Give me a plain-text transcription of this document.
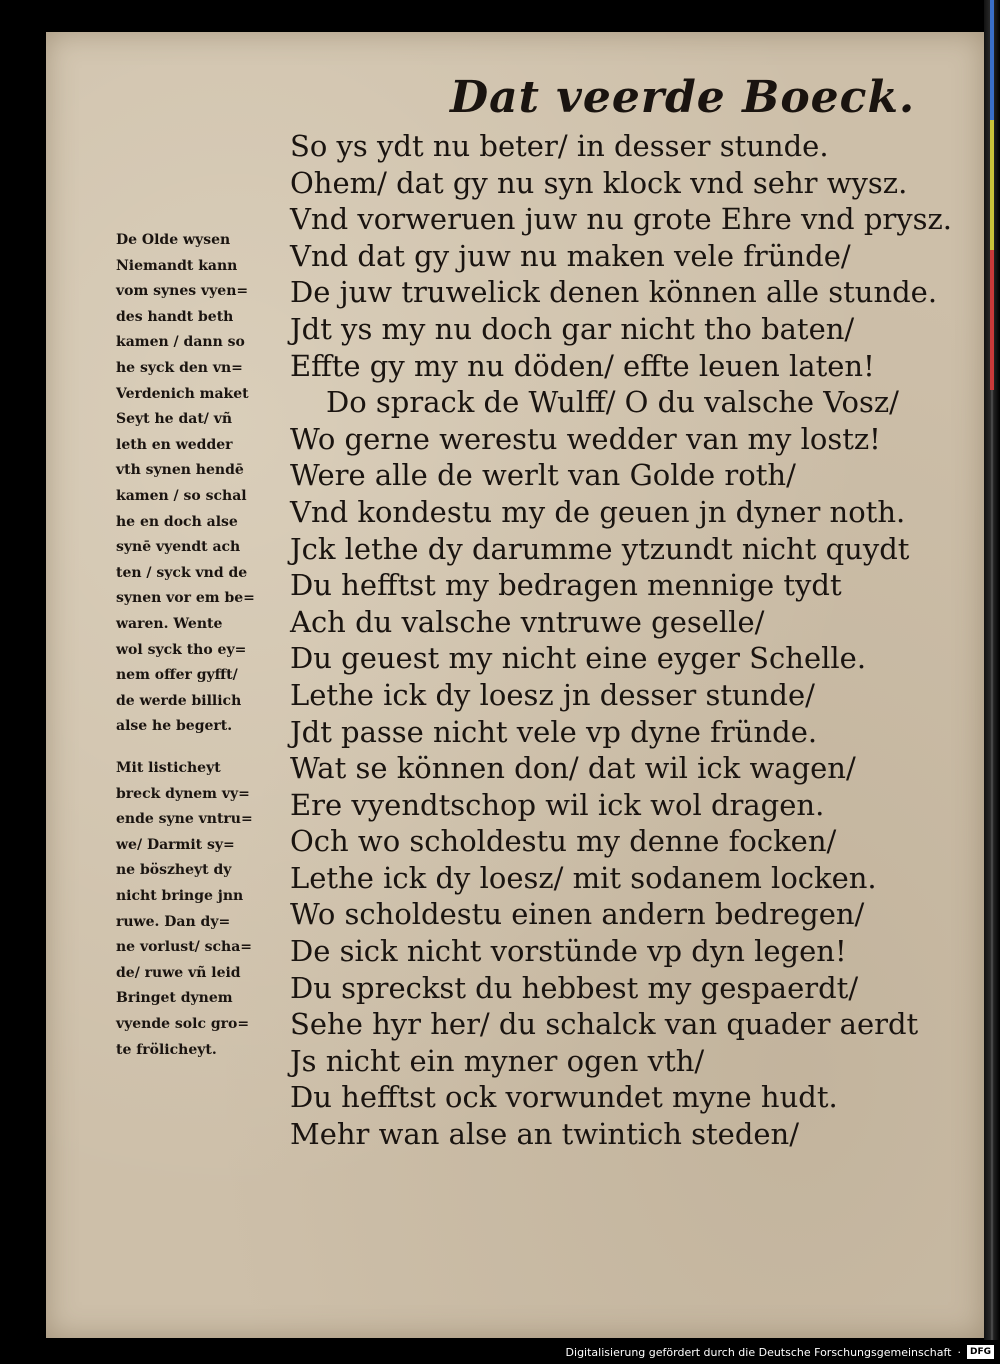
Dat veerde Boeck.
So ys ydt nu beter/ in desser stunde.
Ohem/ dat gy nu syn klock vnd sehr wysz.
Vnd vorweruen juw nu grote Ehre vnd prysz.
Vnd dat gy juw nu maken vele fründe/
De juw truwelick denen können alle stunde.
Jdt ys my nu doch gar nicht tho baten/
Effte gy my nu döden/ effte leuen laten!
Do sprack de Wulff/ O du valsche Vosz/
Wo gerne werestu wedder van my lostz!
Were alle de werlt van Golde roth/
Vnd kondestu my de geuen jn dyner noth.
Jck lethe dy darumme ytzundt nicht quydt
Du hefftst my bedragen mennige tydt
Ach du valsche vntruwe geselle/
Du geuest my nicht eine eyger Schelle.
Lethe ick dy loesz jn desser stunde/
Jdt passe nicht vele vp dyne fründe.
Wat se können don/ dat wil ick wagen/
Ere vyendtschop wil ick wol dragen.
Och wo scholdestu my denne focken/
Lethe ick dy loesz/ mit sodanem locken.
Wo scholdestu einen andern bedregen/
De sick nicht vorstünde vp dyn legen!
Du spreckst du hebbest my gespaerdt/
Sehe hyr her/ du schalck van quader aerdt
Js nicht ein myner ogen vth/
Du hefftst ock vorwundet myne hudt.
Mehr wan alse an twintich steden/
De Olde wysen
Niemandt kann
vom synes vyen=
des handt beth
kamen / dann so
he syck den vn=
Verdenich maket
Seyt he dat/ vñ
leth en wedder
vth synen hendē
kamen / so schal
he en doch alse
synē vyendt ach
ten / syck vnd de
synen vor em be=
waren. Wente
wol syck tho ey=
nem offer gyfft/
de werde billich
alse he begert.
Mit listicheyt
breck dynem vy=
ende syne vntru=
we/ Darmit sy=
ne böszheyt dy
nicht bringe jnn
ruwe. Dan dy=
ne vorlust/ scha=
de/ ruwe vñ leid
Bringet dynem
vyende solc gro=
te frölicheyt.
Digitalisierung gefördert durch die Deutsche Forschungsgemeinschaft ·	DFG
